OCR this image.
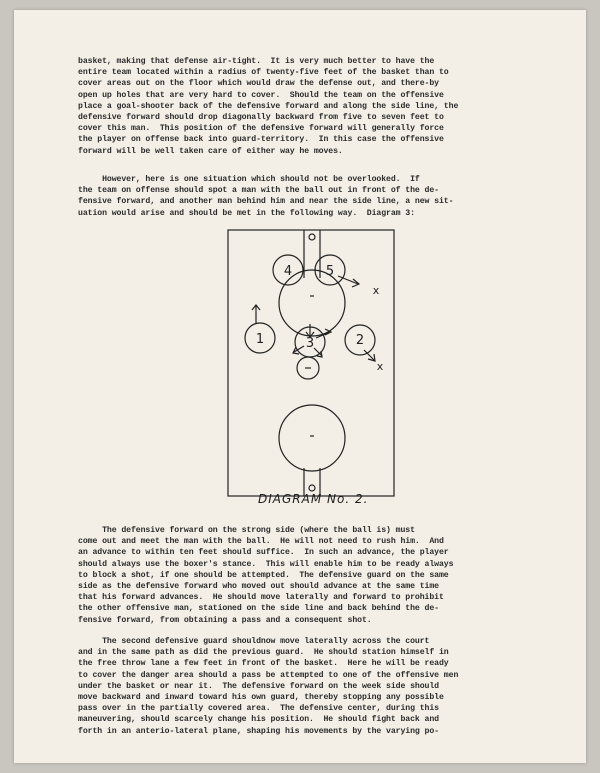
basket, making that defense air-tight.  It is very much better to have the
entire team located within a radius of twenty-five feet of the basket than to
cover areas out on the floor which would draw the defense out, and there-by
open up holes that are very hard to cover.  Should the team on the offensive
place a goal-shooter back of the defensive forward and along the side line, the
defensive forward should drop diagonally backward from five to seven feet to
cover this man.  This position of the defensive forward will generally force
the player on offense back into guard-territory.  In this case the offensive
forward will be well taken care of either way he moves.
However, here is one situation which should not be overlooked.  If
the team on offense should spot a man with the ball out in front of the de-
fensive forward, and another man behind him and near the side line, a new sit-
uation would arise and should be met in the following way.  Diagram 3:
4	5
1	3	2
x
x
DIAGRAM No. 2.
The defensive forward on the strong side (where the ball is) must
come out and meet the man with the ball.  He will not need to rush him.  And
an advance to within ten feet should suffice.  In such an advance, the player
should always use the boxer's stance.  This will enable him to be ready always
to block a shot, if one should be attempted.  The defensive guard on the same
side as the defensive forward who moved out should advance at the same time
that his forward advances.  He should move laterally and forward to prohibit
the other offensive man, stationed on the side line and back behind the de-
fensive forward, from obtaining a pass and a consequent shot.
The second defensive guard shouldnow move laterally across the court
and in the same path as did the previous guard.  He should station himself in
the free throw lane a few feet in front of the basket.  Here he will be ready
to cover the danger area should a pass be attempted to one of the offensive men
under the basket or near it.  The defensive forward on the week side should
move backward and inward toward his own guard, thereby stopping any possible
pass over in the partially covered area.  The defensive center, during this
maneuvering, should scarcely change his position.  He should fight back and
forth in an anterio-lateral plane, shaping his movements by the varying po-
